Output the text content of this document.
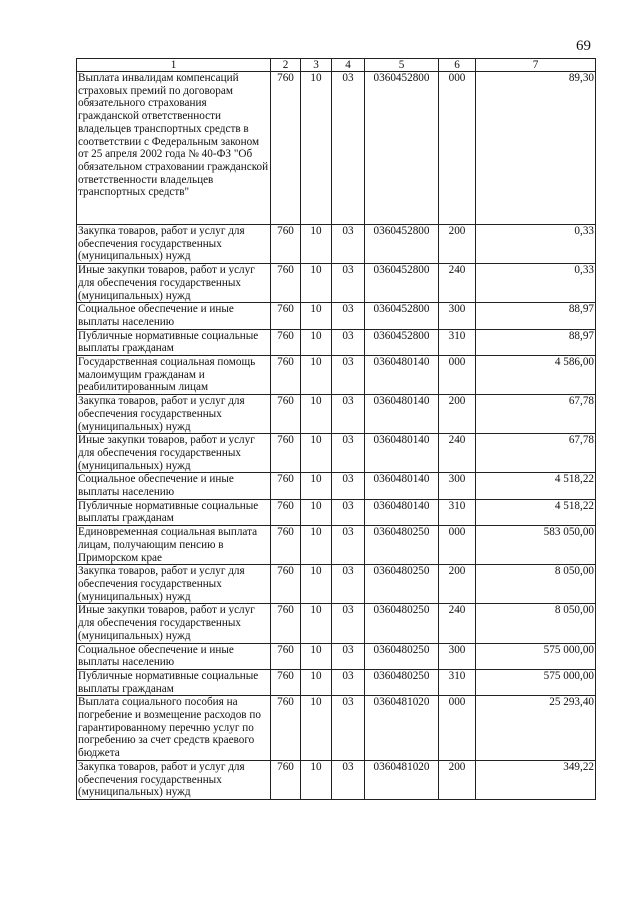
69
1	2	3	4	5	6	7
Выплата инвалидам компенсаций страховых премий по договорам обязательного страхования гражданской ответственности владельцев транспортных средств в соответствии с Федеральным законом от 25 апреля 2002 года № 40-ФЗ "Об обязательном страховании гражданской ответственности владельцев транспортных средств"	760	10	03	0360452800	000	89,30
Закупка товаров, работ и услуг для обеспечения государственных (муниципальных) нужд	760	10	03	0360452800	200	0,33
Иные закупки товаров, работ и услуг для обеспечения государственных (муниципальных) нужд	760	10	03	0360452800	240	0,33
Социальное обеспечение и иные выплаты населению	760	10	03	0360452800	300	88,97
Публичные нормативные социальные выплаты гражданам	760	10	03	0360452800	310	88,97
Государственная социальная помощь малоимущим гражданам и реабилитированным лицам	760	10	03	0360480140	000	4 586,00
Закупка товаров, работ и услуг для обеспечения государственных (муниципальных) нужд	760	10	03	0360480140	200	67,78
Иные закупки товаров, работ и услуг для обеспечения государственных (муниципальных) нужд	760	10	03	0360480140	240	67,78
Социальное обеспечение и иные выплаты населению	760	10	03	0360480140	300	4 518,22
Публичные нормативные социальные выплаты гражданам	760	10	03	0360480140	310	4 518,22
Единовременная социальная выплата лицам, получающим пенсию в Приморском крае	760	10	03	0360480250	000	583 050,00
Закупка товаров, работ и услуг для обеспечения государственных (муниципальных) нужд	760	10	03	0360480250	200	8 050,00
Иные закупки товаров, работ и услуг для обеспечения государственных (муниципальных) нужд	760	10	03	0360480250	240	8 050,00
Социальное обеспечение и иные выплаты населению	760	10	03	0360480250	300	575 000,00
Публичные нормативные социальные выплаты гражданам	760	10	03	0360480250	310	575 000,00
Выплата социального пособия на погребение и возмещение расходов по гарантированному перечню услуг по погребению за счет средств краевого бюджета	760	10	03	0360481020	000	25 293,40
Закупка товаров, работ и услуг для обеспечения государственных (муниципальных) нужд	760	10	03	0360481020	200	349,22
